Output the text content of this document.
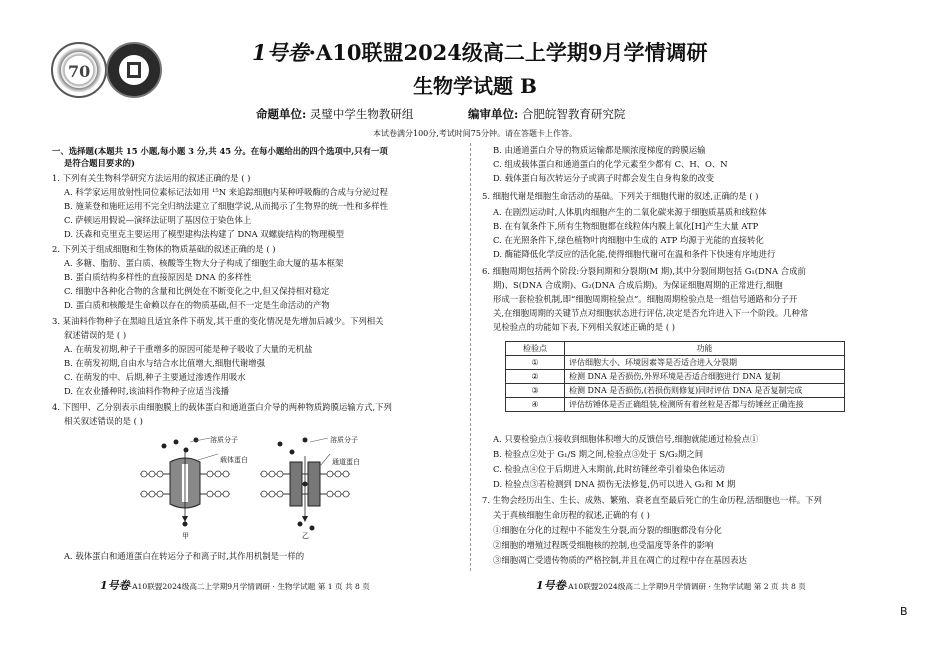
70
1号卷·A10联盟2024级高二上学期9月学情调研
生物学试题 B
命题单位: 灵璧中学生物教研组	编审单位: 合肥皖智教育研究院
本试卷满分100分,考试时间75分钟。请在答题卡上作答。
一、选择题(本题共 15 小题,每小题 3 分,共 45 分。在每小题给出的四个选项中,只有一项
是符合题目要求的)
1. 下列有关生物科学研究方法运用的叙述正确的是 ( )
A. 科学家运用放射性同位素标记法如用 ¹⁵N 来追踪细胞内某种呼吸酶的合成与分泌过程
B. 施莱登和施旺运用不完全归纳法建立了细胞学说,从而揭示了生物界的统一性和多样性
C. 萨顿运用假说—演绎法证明了基因位于染色体上
D. 沃森和克里克主要运用了模型建构法构建了 DNA 双螺旋结构的物理模型
2. 下列关于组成细胞和生物体的物质基础的叙述正确的是 ( )
A. 多糖、脂肪、蛋白质、核酸等生物大分子构成了细胞生命大厦的基本框架
B. 蛋白质结构多样性的直接原因是 DNA 的多样性
C. 细胞中各种化合物的含量和比例处在不断变化之中,但又保持相对稳定
D. 蛋白质和核酸是生命赖以存在的物质基础,但不一定是生命活动的产物
3. 某油料作物种子在黑暗且适宜条件下萌发,其干重的变化情况是先增加后减少。下列相关
叙述错误的是 ( )
A. 在萌发初期,种子干重增多的原因可能是种子吸收了大量的无机盐
B. 在萌发初期,自由水与结合水比值增大,细胞代谢增强
C. 在萌发的中、后期,种子主要通过渗透作用吸水
D. 在农业播种时,该油料作物种子应适当浅播
4. 下图甲、乙分别表示由细胞膜上的载体蛋白和通道蛋白介导的两种物质跨膜运输方式,下列
相关叙述错误的是 ( )
甲	乙
溶质分子
载体蛋白
溶质分子
通道蛋白
A. 载体蛋白和通道蛋白在转运分子和离子时,其作用机制是一样的
B. 由通道蛋白介导的物质运输都是顺浓度梯度的跨膜运输
C. 组成载体蛋白和通道蛋白的化学元素至少都有 C、H、O、N
D. 载体蛋白每次转运分子或离子时都会发生自身构象的改变
5. 细胞代谢是细胞生命活动的基础。下列关于细胞代谢的叙述,正确的是 ( )
A. 在剧烈运动时,人体肌肉细胞产生的二氧化碳来源于细胞质基质和线粒体
B. 在有氧条件下,所有生物细胞都在线粒体内膜上氧化[H]产生大量 ATP
C. 在光照条件下,绿色植物叶肉细胞中生成的 ATP 均源于光能的直接转化
D. 酶能降低化学反应的活化能,使得细胞代谢可在温和条件下快速有序地进行
6. 细胞周期包括两个阶段:分裂间期和分裂期(M 期),其中分裂间期包括 G₁(DNA 合成前
期)、S(DNA 合成期)、G₂(DNA 合成后期)。为保证细胞周期的正常进行,细胞
形成一套检验机制,即“细胞周期检验点”。细胞周期检验点是一组信号通路和分子开
关,在细胞周期的关键节点对细胞状态进行评估,决定是否允许进入下一个阶段。几种常
见检验点的功能如下表,下列相关叙述正确的是 ( )
检验点	功能
①	评估细胞大小、环境因素等是否适合进入分裂期
②	检测 DNA 是否损伤,外界环境是否适合细胞进行 DNA 复制
③	检测 DNA 是否损伤,(若损伤则修复)同时评估 DNA 是否复制完成
④	评估纺锤体是否正确组装,检测所有着丝粒是否都与纺锤丝正确连接
A. 只要检验点①接收到细胞体积增大的反馈信号,细胞就能通过检验点①
B. 检验点②处于 G₁/S 期之间,检验点③处于 S/G₂期之间
C. 检验点④位于后期进入末期前,此时纺锤丝牵引着染色体运动
D. 检验点③若检测到 DNA 损伤无法修复,仍可以进入 G₂和 M 期
7. 生物会经历出生、生长、成熟、繁殖、衰老直至最后死亡的生命历程,活细胞也一样。下列
关于真核细胞生命历程的叙述,正确的有 ( )
①细胞在分化的过程中不能发生分裂,而分裂的细胞都没有分化
②细胞的增殖过程既受细胞核的控制,也受温度等条件的影响
③细胞凋亡受遗传物质的严格控制,并且在凋亡的过程中存在基因表达
1号卷·A10联盟2024级高二上学期9月学情调研 · 生物学试题 第 1 页 共 8 页	1号卷·A10联盟2024级高二上学期9月学情调研 · 生物学试题 第 2 页 共 8 页
B
